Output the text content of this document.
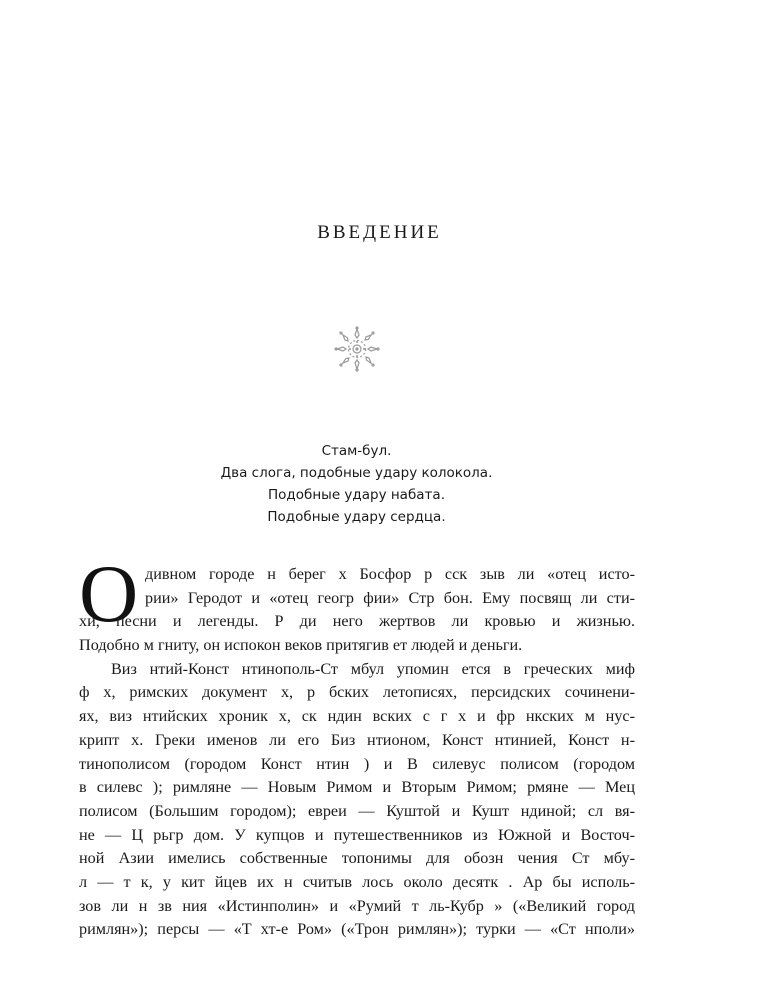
ВВЕДЕНИЕ
Стам-бул.
Два слога, подобные удару колокола.
Подобные удару набата.
Подобные удару сердца.
О дивном городе н берег х Босфор р сск зыв ли «отец исто-
рии» Геродот и «отец геогр фии» Стр бон. Ему посвящ ли сти-
хи, песни и легенды. Р ди него жертвов ли кровью и жизнью.
Подобно м гниту, он испокон веков притягив ет людей и деньги.
Виз нтий-Конст нтинополь-Ст мбул упомин ется в греческих миф
ф х, римских документ х, р бских летописях, персидских сочинени-
ях, виз нтийских хроник х, ск ндин вских с г х и фр нкских м нус-
крипт х. Греки именов ли его Биз нтионом, Конст нтинией, Конст н-
тинополисом (городом Конст нтин ) и В силевус полисом (городом
в силевс ); римляне — Новым Римом и Вторым Римом; рмяне — Мец
полисом (Большим городом); евреи — Куштой и Кушт ндиной; сл вя-
не — Ц рьгр дом. У купцов и путешественников из Южной и Восточ-
ной Азии имелись собственные топонимы для обозн чения Ст мбу-
л — т к, у кит йцев их н считыв лось около десятк . Ар бы исполь-
зов ли н зв ния «Истинполин» и «Румий т ль-Кубр » («Великий город
римлян»); персы — «Т хт-е Ром» («Трон римлян»); турки — «Ст нполи»
